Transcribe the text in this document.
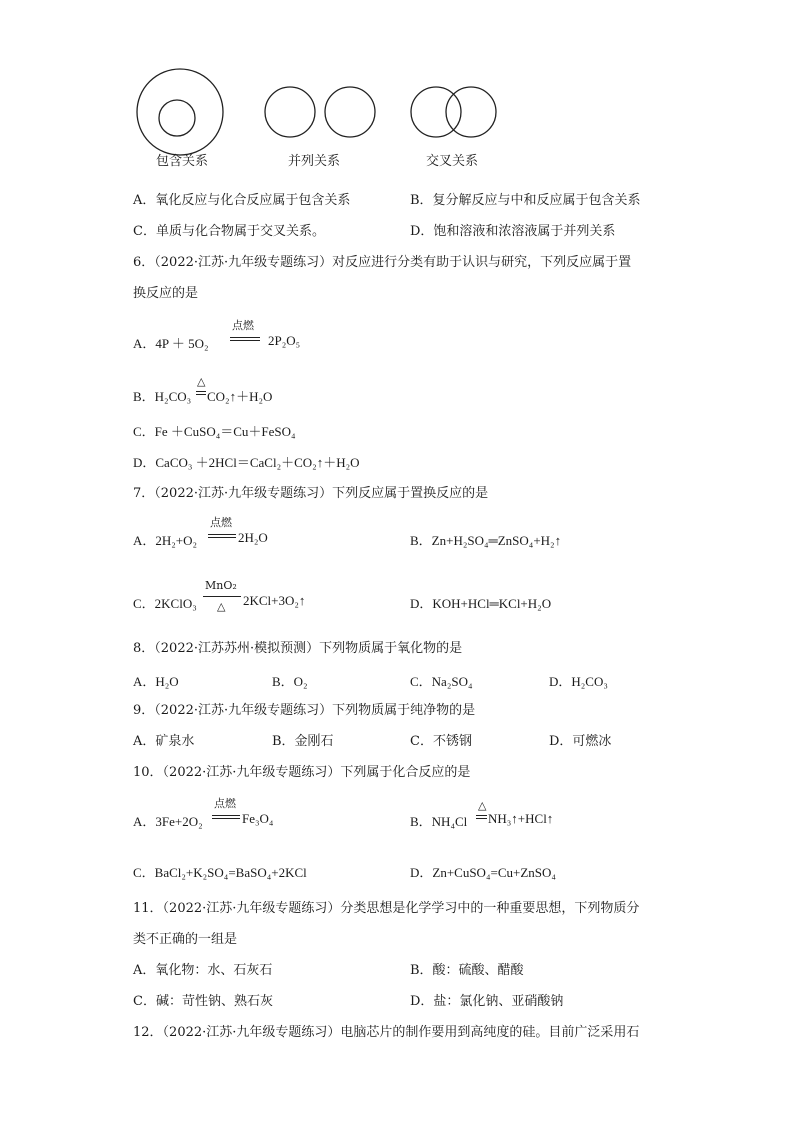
包含关系	并列关系	交叉关系
A．氧化反应与化合反应属于包含关系	B．复分解反应与中和反应属于包含关系
C．单质与化合物属于交叉关系。	D．饱和溶液和浓溶液属于并列关系
6．（2022·江苏·九年级专题练习）对反应进行分类有助于认识与研究，下列反应属于置
换反应的是
A．4P ＋ 5O₂
点燃
2P₂O₅
B．H₂CO₃
△
CO₂↑＋H₂O
C．Fe ＋CuSO₄＝Cu＋FeSO₄
D．CaCO₃ ＋2HCl＝CaCl₂＋CO₂↑＋H₂O
7．（2022·江苏·九年级专题练习）下列反应属于置换反应的是
A．2H₂+O₂
点燃
2H₂O	B．Zn+H₂SO₄═ZnSO₄+H₂↑
C．2KClO₃
MnO₂
△ 2KCl+3O₂↑	D．KOH+HCl═KCl+H₂O
8．（2022·江苏苏州·模拟预测）下列物质属于氧化物的是
A．H₂O	B．O₂	C．Na₂SO₄	D．H₂CO₃
9．（2022·江苏·九年级专题练习）下列物质属于纯净物的是
A．矿泉水	B．金刚石	C．不锈钢	D．可燃冰
10．（2022·江苏·九年级专题练习）下列属于化合反应的是
A．3Fe+2O₂
点燃
Fe₃O₄	B．NH₄Cl
△
NH₃↑+HCl↑
C．BaCl₂+K₂SO₄=BaSO₄+2KCl	D．Zn+CuSO₄=Cu+ZnSO₄
11．（2022·江苏·九年级专题练习）分类思想是化学学习中的一种重要思想，下列物质分
类不正确的一组是
A．氧化物：水、石灰石	B．酸：硫酸、醋酸
C．碱：苛性钠、熟石灰	D．盐：氯化钠、亚硝酸钠
12．（2022·江苏·九年级专题练习）电脑芯片的制作要用到高纯度的硅。目前广泛采用石
